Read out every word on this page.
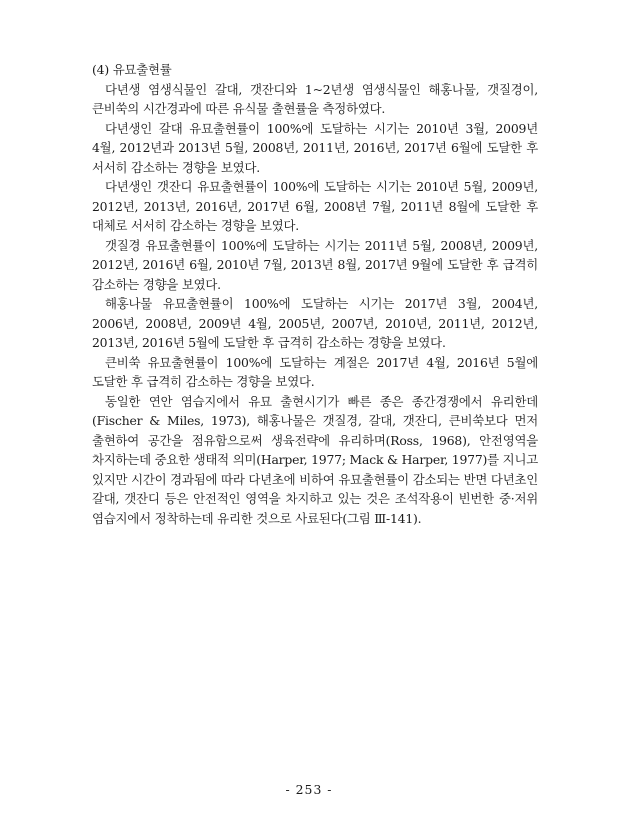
(4) 유묘출현률

다년생 염생식물인 갈대, 갯잔디와 1~2년생 염생식물인 해홍나물, 갯질경이, 큰비쑥의 시간경과에 따른 유식물 출현률을 측정하였다.

다년생인 갈대 유묘출현률이 100%에 도달하는 시기는 2010년 3월, 2009년 4월, 2012년과 2013년 5월, 2008년, 2011년, 2016년, 2017년 6월에 도달한 후 서서히 감소하는 경향을 보였다.

다년생인 갯잔디 유묘출현률이 100%에 도달하는 시기는 2010년 5월, 2009년, 2012년, 2013년, 2016년, 2017년 6월, 2008년 7월, 2011년 8월에 도달한 후 대체로 서서히 감소하는 경향을 보였다.

갯질경 유묘출현률이 100%에 도달하는 시기는 2011년 5월, 2008년, 2009년, 2012년, 2016년 6월, 2010년 7월, 2013년 8월, 2017년 9월에 도달한 후 급격히 감소하는 경향을 보였다.

해홍나물 유묘출현률이 100%에 도달하는 시기는 2017년 3월, 2004년, 2006년, 2008년, 2009년 4월, 2005년, 2007년, 2010년, 2011년, 2012년, 2013년, 2016년 5월에 도달한 후 급격히 감소하는 경향을 보였다.

큰비쑥 유묘출현률이 100%에 도달하는 계절은 2017년 4월, 2016년 5월에 도달한 후 급격히 감소하는 경향을 보였다.

동일한 연안 염습지에서 유묘 출현시기가 빠른 종은 종간경쟁에서 유리한데(Fischer & Miles, 1973), 해홍나물은 갯질경, 갈대, 갯잔디, 큰비쑥보다 먼저 출현하여 공간을 점유함으로써 생육전략에 유리하며(Ross, 1968), 안전영역을 차지하는데 중요한 생태적 의미(Harper, 1977; Mack & Harper, 1977)를 지니고 있지만 시간이 경과됨에 따라 다년초에 비하여 유묘출현률이 감소되는 반면 다년초인 갈대, 갯잔디 등은 안전적인 영역을 차지하고 있는 것은 조석작용이 빈번한 중·저위 염습지에서 정착하는데 유리한 것으로 사료된다(그림 Ⅲ-141).

- 253 -
